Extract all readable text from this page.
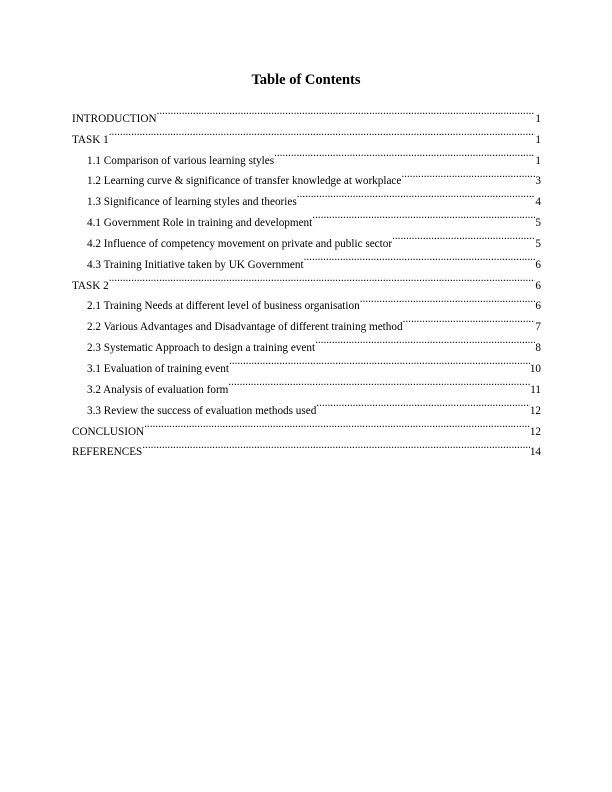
Table of Contents
INTRODUCTION .....	1
TASK 1 .....	1
1.1 Comparison of various learning styles .....	1
1.2 Learning curve & significance of transfer knowledge at workplace .....	3
1.3 Significance of learning styles and theories .....	4
4.1 Government Role in training and development .....	5
4.2 Influence of competency movement on private and public sector .....	5
4.3 Training Initiative taken by UK Government .....	6
TASK 2 .....	6
2.1 Training Needs at different level of business organisation .....	6
2.2 Various Advantages and Disadvantage of different training method .....	7
2.3 Systematic Approach to design a training event .....	8
3.1 Evaluation of training event .....	10
3.2 Analysis of evaluation form .....	11
3.3 Review the success of evaluation methods used .....	12
CONCLUSION .....	12
REFERENCES .....	14
